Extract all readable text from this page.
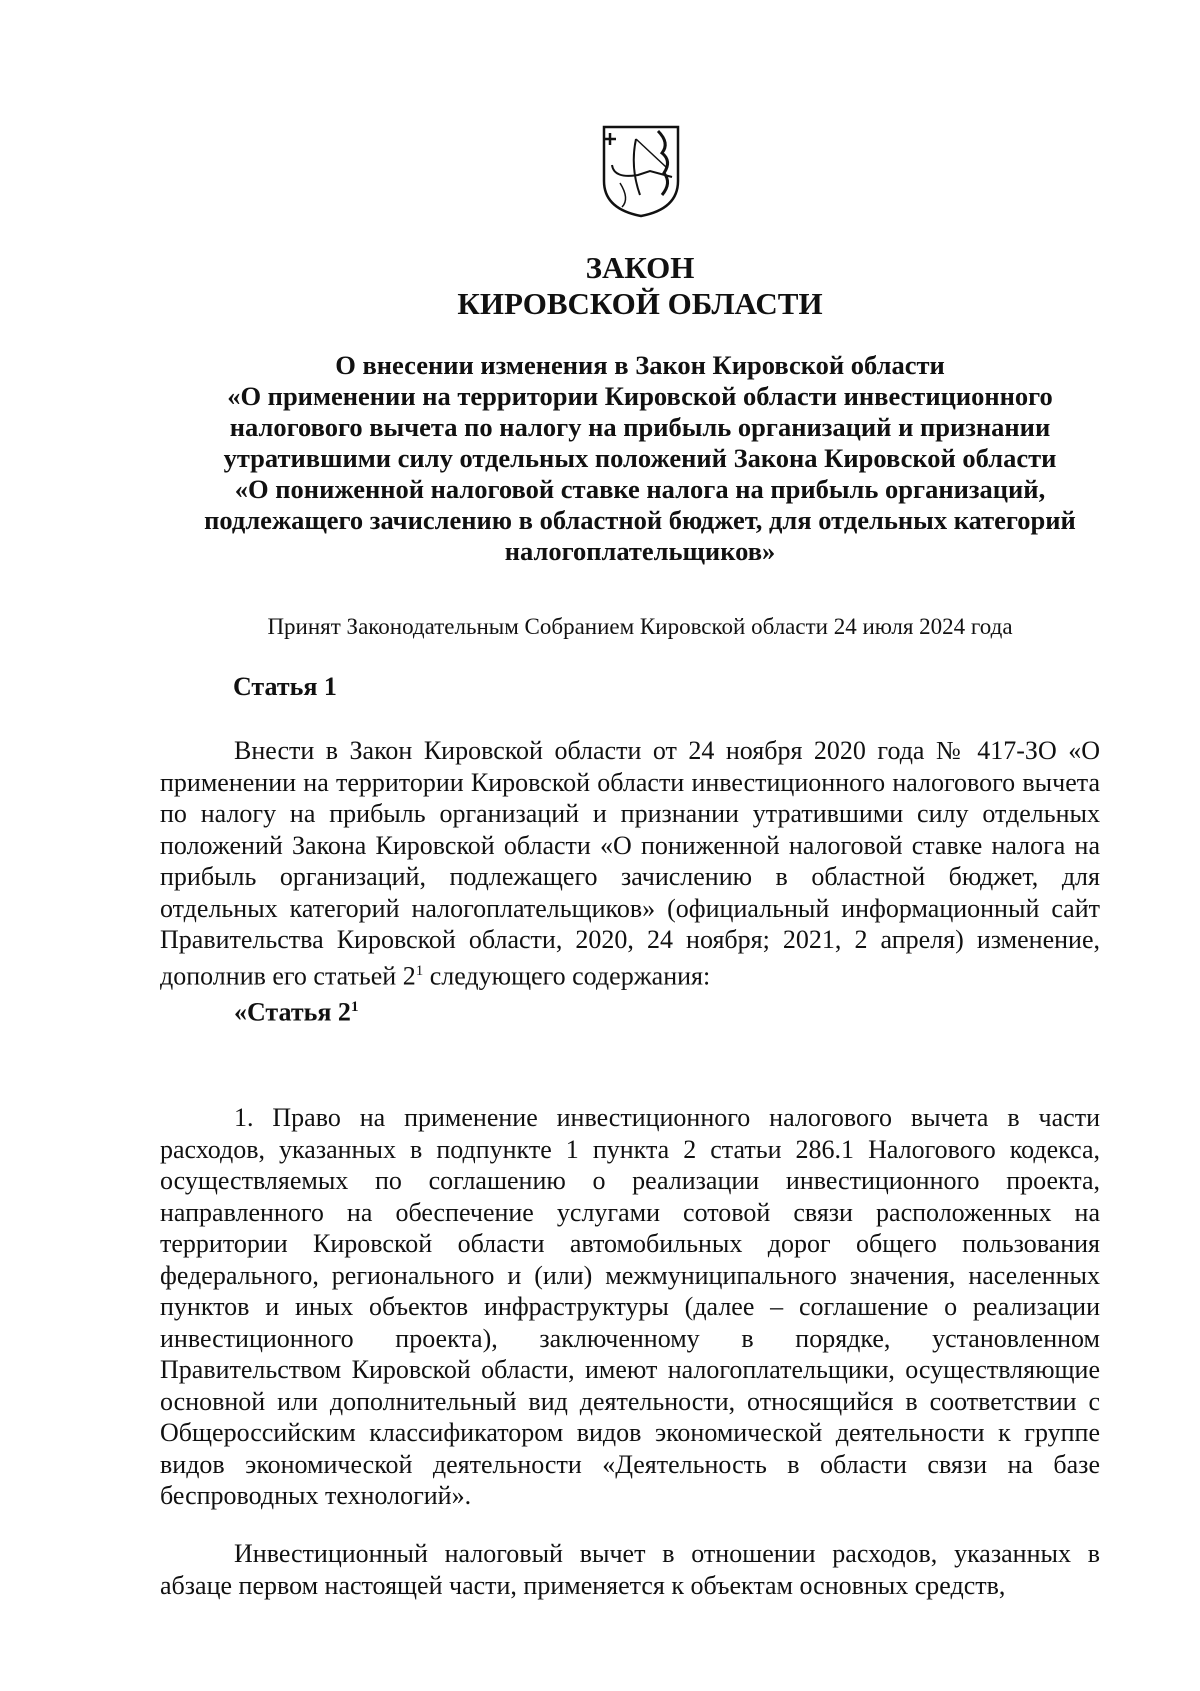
ЗАКОН
КИРОВСКОЙ ОБЛАСТИ
О внесении изменения в Закон Кировской области
«О применении на территории Кировской области инвестиционного
налогового вычета по налогу на прибыль организаций и признании
утратившими силу отдельных положений Закона Кировской области
«О пониженной налоговой ставке налога на прибыль организаций,
подлежащего зачислению в областной бюджет, для отдельных категорий
налогоплательщиков»
Принят Законодательным Собранием Кировской области 24 июля 2024 года
Статья 1

Внести в Закон Кировской области от 24 ноября 2020 года № 417-ЗО «О применении на территории Кировской области инвестиционного налогового вычета по налогу на прибыль организаций и признании утратившими силу отдельных положений Закона Кировской области «О пониженной налоговой ставке налога на прибыль организаций, подлежащего зачислению в областной бюджет, для отдельных категорий налогоплательщиков» (официальный информационный сайт Правительства Кировской области, 2020, 24 ноября; 2021, 2 апреля) изменение, дополнив его статьей $2^1$ следующего содержания:

«Статья $2^1$

1. Право на применение инвестиционного налогового вычета в части расходов, указанных в подпункте 1 пункта 2 статьи 286.1 Налогового кодекса, осуществляемых по соглашению о реализации инвестиционного проекта, направленного на обеспечение услугами сотовой связи расположенных на территории Кировской области автомобильных дорог общего пользования федерального, регионального и (или) межмуниципального значения, населенных пунктов и иных объектов инфраструктуры (далее – соглашение о реализации инвестиционного проекта), заключенному в порядке, установленном Правительством Кировской области, имеют налогоплательщики, осуществляющие основной или дополнительный вид деятельности, относящийся в соответствии с Общероссийским классификатором видов экономической деятельности к группе видов экономической деятельности «Деятельность в области связи на базе беспроводных технологий».

Инвестиционный налоговый вычет в отношении расходов, указанных в абзаце первом настоящей части, применяется к объектам основных средств,
